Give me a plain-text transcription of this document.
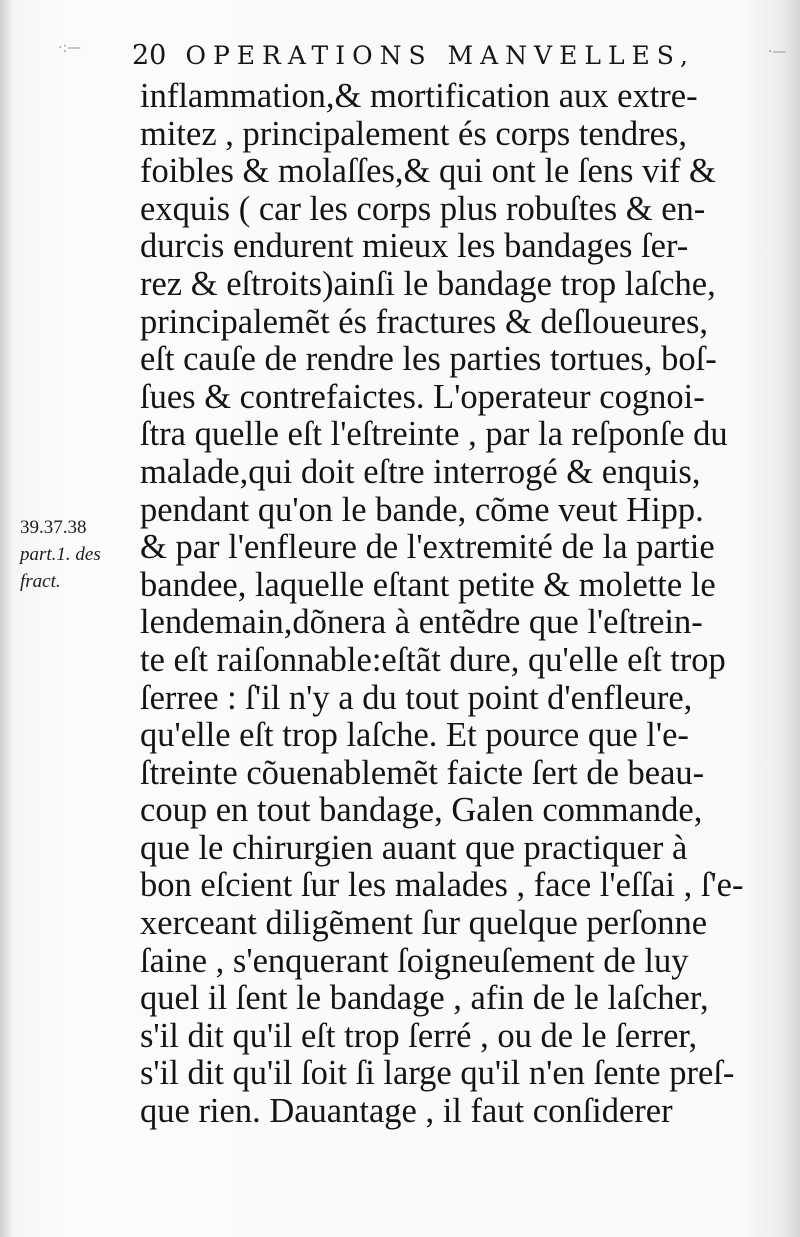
·:—	·—
20 OPERATIONS MANVELLES,
39.37.38
part.1. des
fract.
inflammation,& mortification aux extre-
mitez , principalement és corps tendres,
foibles & molaſſes,& qui ont le ſens vif &
exquis ( car les corps plus robuſtes & en-
durcis endurent mieux les bandages ſer-
rez & eſtroits)ainſi le bandage trop laſche,
principalemẽt és fractures & deſloueures,
eſt cauſe de rendre les parties tortues, boſ-
ſues & contrefaictes. L'operateur cognoi-
ſtra quelle eſt l'eſtreinte , par la reſponſe du
malade,qui doit eſtre interrogé & enquis,
pendant qu'on le bande, cõme veut Hipp.
& par l'enfleure de l'extremité de la partie
bandee, laquelle eſtant petite & molette le
lendemain,dõnera à entẽdre que l'eſtrein-
te eſt raiſonnable:eſtãt dure, qu'elle eſt trop
ſerree : ſ'il n'y a du tout point d'enfleure,
qu'elle eſt trop laſche. Et pource que l'e-
ſtreinte cõuenablemẽt faicte ſert de beau-
coup en tout bandage, Galen commande,
que le chirurgien auant que practiquer à
bon eſcient ſur les malades , face l'eſſai , ſ'e-
xerceant diligẽment ſur quelque perſonne
ſaine , s'enquerant ſoigneuſement de luy
quel il ſent le bandage , afin de le laſcher,
s'il dit qu'il eſt trop ſerré , ou de le ſerrer,
s'il dit qu'il ſoit ſi large qu'il n'en ſente preſ-
que rien. Dauantage , il faut conſiderer
